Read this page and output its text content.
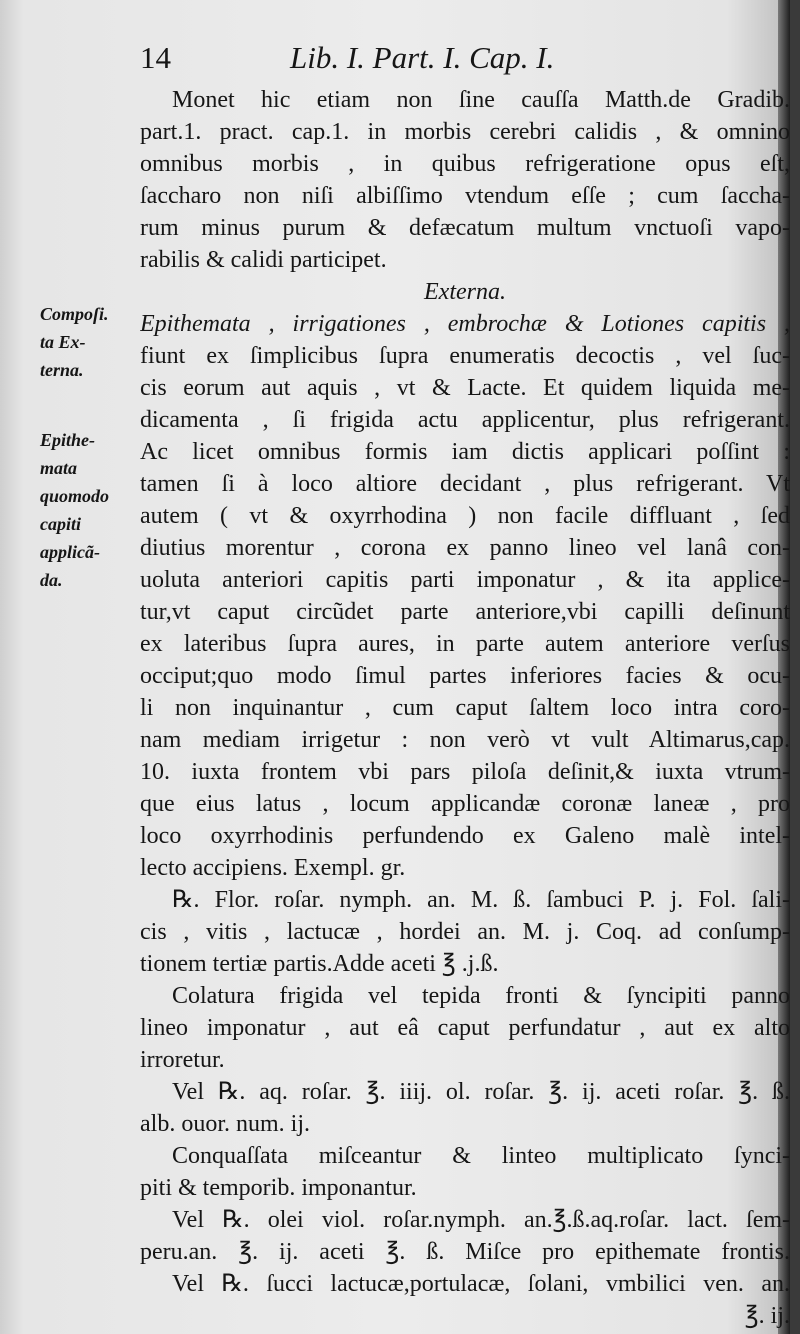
14	Lib. I. Part. I. Cap. I.
Compoſi.
ta Ex-
terna.
Epithe-
mata
quomodo
capiti
applicã-
da.
Monet hic etiam non ſine cauſſa Matth.de Gradib.
part.1. pract. cap.1. in morbis cerebri calidis , & omnino
omnibus morbis , in quibus refrigeratione opus eſt,
ſaccharo non niſi albiſſimo vtendum eſſe ; cum ſaccha-
rum minus purum & defæcatum multum vnctuoſi vapo-
rabilis & calidi participet.
Externa.
Epithemata , irrigationes , embrochæ & Lotiones capitis ,
fiunt ex ſimplicibus ſupra enumeratis decoctis , vel ſuc-
cis eorum aut aquis , vt & Lacte. Et quidem liquida me-
dicamenta , ſi frigida actu applicentur, plus refrigerant.
Ac licet omnibus formis iam dictis applicari poſſint :
tamen ſi à loco altiore decidant , plus refrigerant. Vt
autem ( vt & oxyrrhodina ) non facile diffluant , ſed
diutius morentur , corona ex panno lineo vel lanâ con-
uoluta anteriori capitis parti imponatur , & ita applice-
tur,vt caput circũdet parte anteriore,vbi capilli deſinunt
ex lateribus ſupra aures, in parte autem anteriore verſus
occiput;quo modo ſimul partes inferiores facies & ocu-
li non inquinantur , cum caput ſaltem loco intra coro-
nam mediam irrigetur : non verò vt vult Altimarus,cap.
10. iuxta frontem vbi pars piloſa deſinit,& iuxta vtrum-
que eius latus , locum applicandæ coronæ laneæ , pro
loco oxyrrhodinis perfundendo ex Galeno malè intel-
lecto accipiens. Exempl. gr.
℞. Flor. roſar. nymph. an. M. ß. ſambuci P. j. Fol. ſali-
cis , vitis , lactucæ , hordei an. M. j. Coq. ad conſump-
tionem tertiæ partis.Adde aceti ℥ .j.ß.
Colatura frigida vel tepida fronti & ſyncipiti panno
lineo imponatur , aut eâ caput perfundatur , aut ex alto
irroretur.
Vel ℞. aq. roſar. ℥. iiij. ol. roſar. ℥. ij. aceti roſar. ℥. ß.
alb. ouor. num. ij.
Conquaſſata miſceantur & linteo multiplicato ſynci-
piti & temporib. imponantur.
Vel ℞. olei viol. roſar.nymph. an.℥.ß.aq.roſar. lact. ſem-
peru.an. ℥. ij. aceti ℥. ß. Miſce pro epithemate frontis.
Vel ℞. ſucci lactucæ,portulacæ, ſolani, vmbilici ven. an.
℥. ij.
